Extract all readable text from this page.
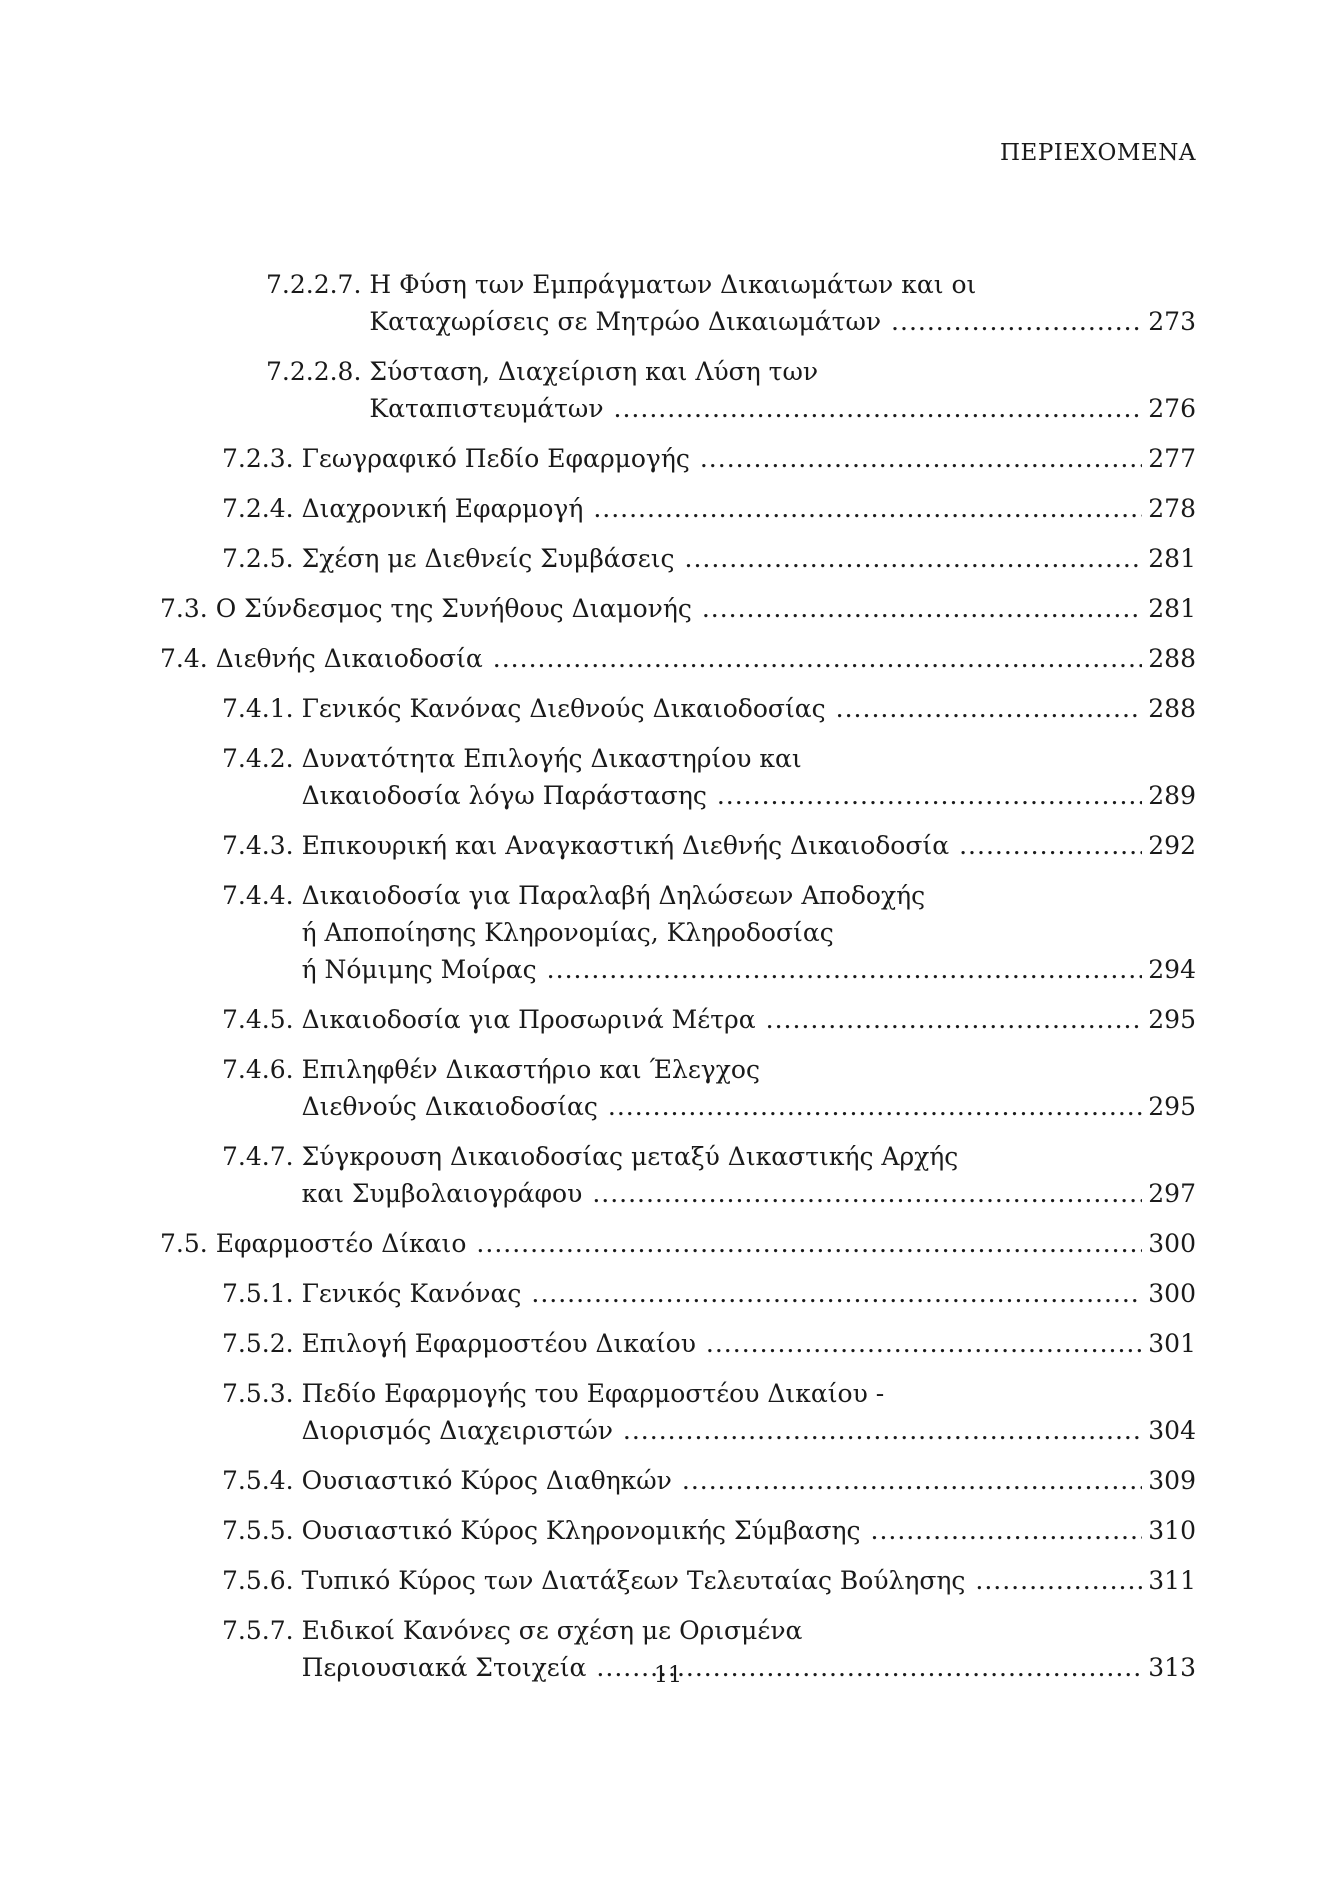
ΠΕΡΙΕΧΟΜΕΝΑ
7.2.2.7. Η Φύση των Εμπράγματων Δικαιωμάτων και οι
Καταχωρίσεις σε Μητρώο Δικαιωμάτων .....	273
7.2.2.8. Σύσταση, Διαχείριση και Λύση των
Καταπιστευμάτων .....	276
7.2.3. Γεωγραφικό Πεδίο Εφαρμογής .....	277
7.2.4. Διαχρονική Εφαρμογή .....	278
7.2.5. Σχέση με Διεθνείς Συμβάσεις .....	281
7.3. Ο Σύνδεσμος της Συνήθους Διαμονής .....	281
7.4. Διεθνής Δικαιοδοσία .....	288
7.4.1. Γενικός Κανόνας Διεθνούς Δικαιοδοσίας .....	288
7.4.2. Δυνατότητα Επιλογής Δικαστηρίου και
Δικαιοδοσία λόγω Παράστασης .....	289
7.4.3. Επικουρική και Αναγκαστική Διεθνής Δικαιοδοσία .....	292
7.4.4. Δικαιοδοσία για Παραλαβή Δηλώσεων Αποδοχής
ή Αποποίησης Κληρονομίας, Κληροδοσίας
ή Νόμιμης Μοίρας .....	294
7.4.5. Δικαιοδοσία για Προσωρινά Μέτρα .....	295
7.4.6. Επιληφθέν Δικαστήριο και Έλεγχος
Διεθνούς Δικαιοδοσίας .....	295
7.4.7. Σύγκρουση Δικαιοδοσίας μεταξύ Δικαστικής Αρχής
και Συμβολαιογράφου .....	297
7.5. Εφαρμοστέο Δίκαιο .....	300
7.5.1. Γενικός Κανόνας .....	300
7.5.2. Επιλογή Εφαρμοστέου Δικαίου .....	301
7.5.3. Πεδίο Εφαρμογής του Εφαρμοστέου Δικαίου -
Διορισμός Διαχειριστών .....	304
7.5.4. Ουσιαστικό Κύρος Διαθηκών .....	309
7.5.5. Ουσιαστικό Κύρος Κληρονομικής Σύμβασης .....	310
7.5.6. Τυπικό Κύρος των Διατάξεων Τελευταίας Βούλησης .....	311
7.5.7. Ειδικοί Κανόνες σε σχέση με Ορισμένα
Περιουσιακά Στοιχεία .....	313
11
